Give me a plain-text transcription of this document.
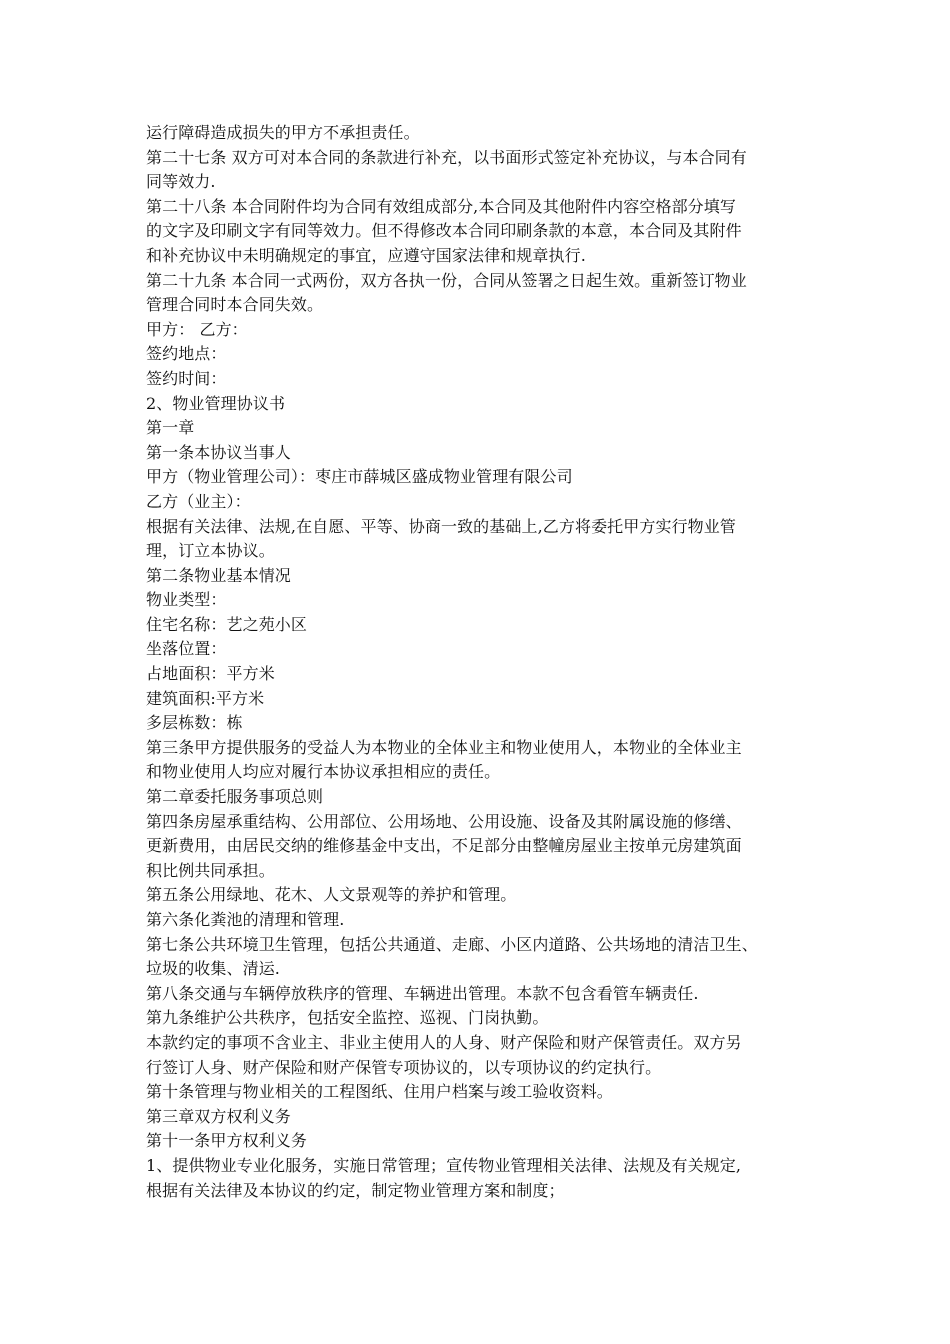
运行障碍造成损失的甲方不承担责任。
第二十七条 双方可对本合同的条款进行补充，以书面形式签定补充协议，与本合同有
同等效力.
第二十八条 本合同附件均为合同有效组成部分,本合同及其他附件内容空格部分填写
的文字及印刷文字有同等效力。但不得修改本合同印刷条款的本意，本合同及其附件
和补充协议中未明确规定的事宜，应遵守国家法律和规章执行.
第二十九条 本合同一式两份，双方各执一份，合同从签署之日起生效。重新签订物业
管理合同时本合同失效。
甲方： 乙方：
签约地点：
签约时间：
2、物业管理协议书
第一章
第一条本协议当事人
甲方（物业管理公司）：枣庄市薛城区盛成物业管理有限公司
乙方（业主）：
根据有关法律、法规,在自愿、平等、协商一致的基础上,乙方将委托甲方实行物业管
理，订立本协议。
第二条物业基本情况
物业类型：
住宅名称：艺之苑小区
坐落位置：
占地面积：平方米
建筑面积:平方米
多层栋数：栋
第三条甲方提供服务的受益人为本物业的全体业主和物业使用人，本物业的全体业主
和物业使用人均应对履行本协议承担相应的责任。
第二章委托服务事项总则
第四条房屋承重结构、公用部位、公用场地、公用设施、设备及其附属设施的修缮、
更新费用，由居民交纳的维修基金中支出，不足部分由整幢房屋业主按单元房建筑面
积比例共同承担。
第五条公用绿地、花木、人文景观等的养护和管理。
第六条化粪池的清理和管理.
第七条公共环境卫生管理，包括公共通道、走廊、小区内道路、公共场地的清洁卫生、
垃圾的收集、清运.
第八条交通与车辆停放秩序的管理、车辆进出管理。本款不包含看管车辆责任.
第九条维护公共秩序，包括安全监控、巡视、门岗执勤。
本款约定的事项不含业主、非业主使用人的人身、财产保险和财产保管责任。双方另
行签订人身、财产保险和财产保管专项协议的，以专项协议的约定执行。
第十条管理与物业相关的工程图纸、住用户档案与竣工验收资料。
第三章双方权利义务
第十一条甲方权利义务
1、提供物业专业化服务，实施日常管理；宣传物业管理相关法律、法规及有关规定,
根据有关法律及本协议的约定，制定物业管理方案和制度；
